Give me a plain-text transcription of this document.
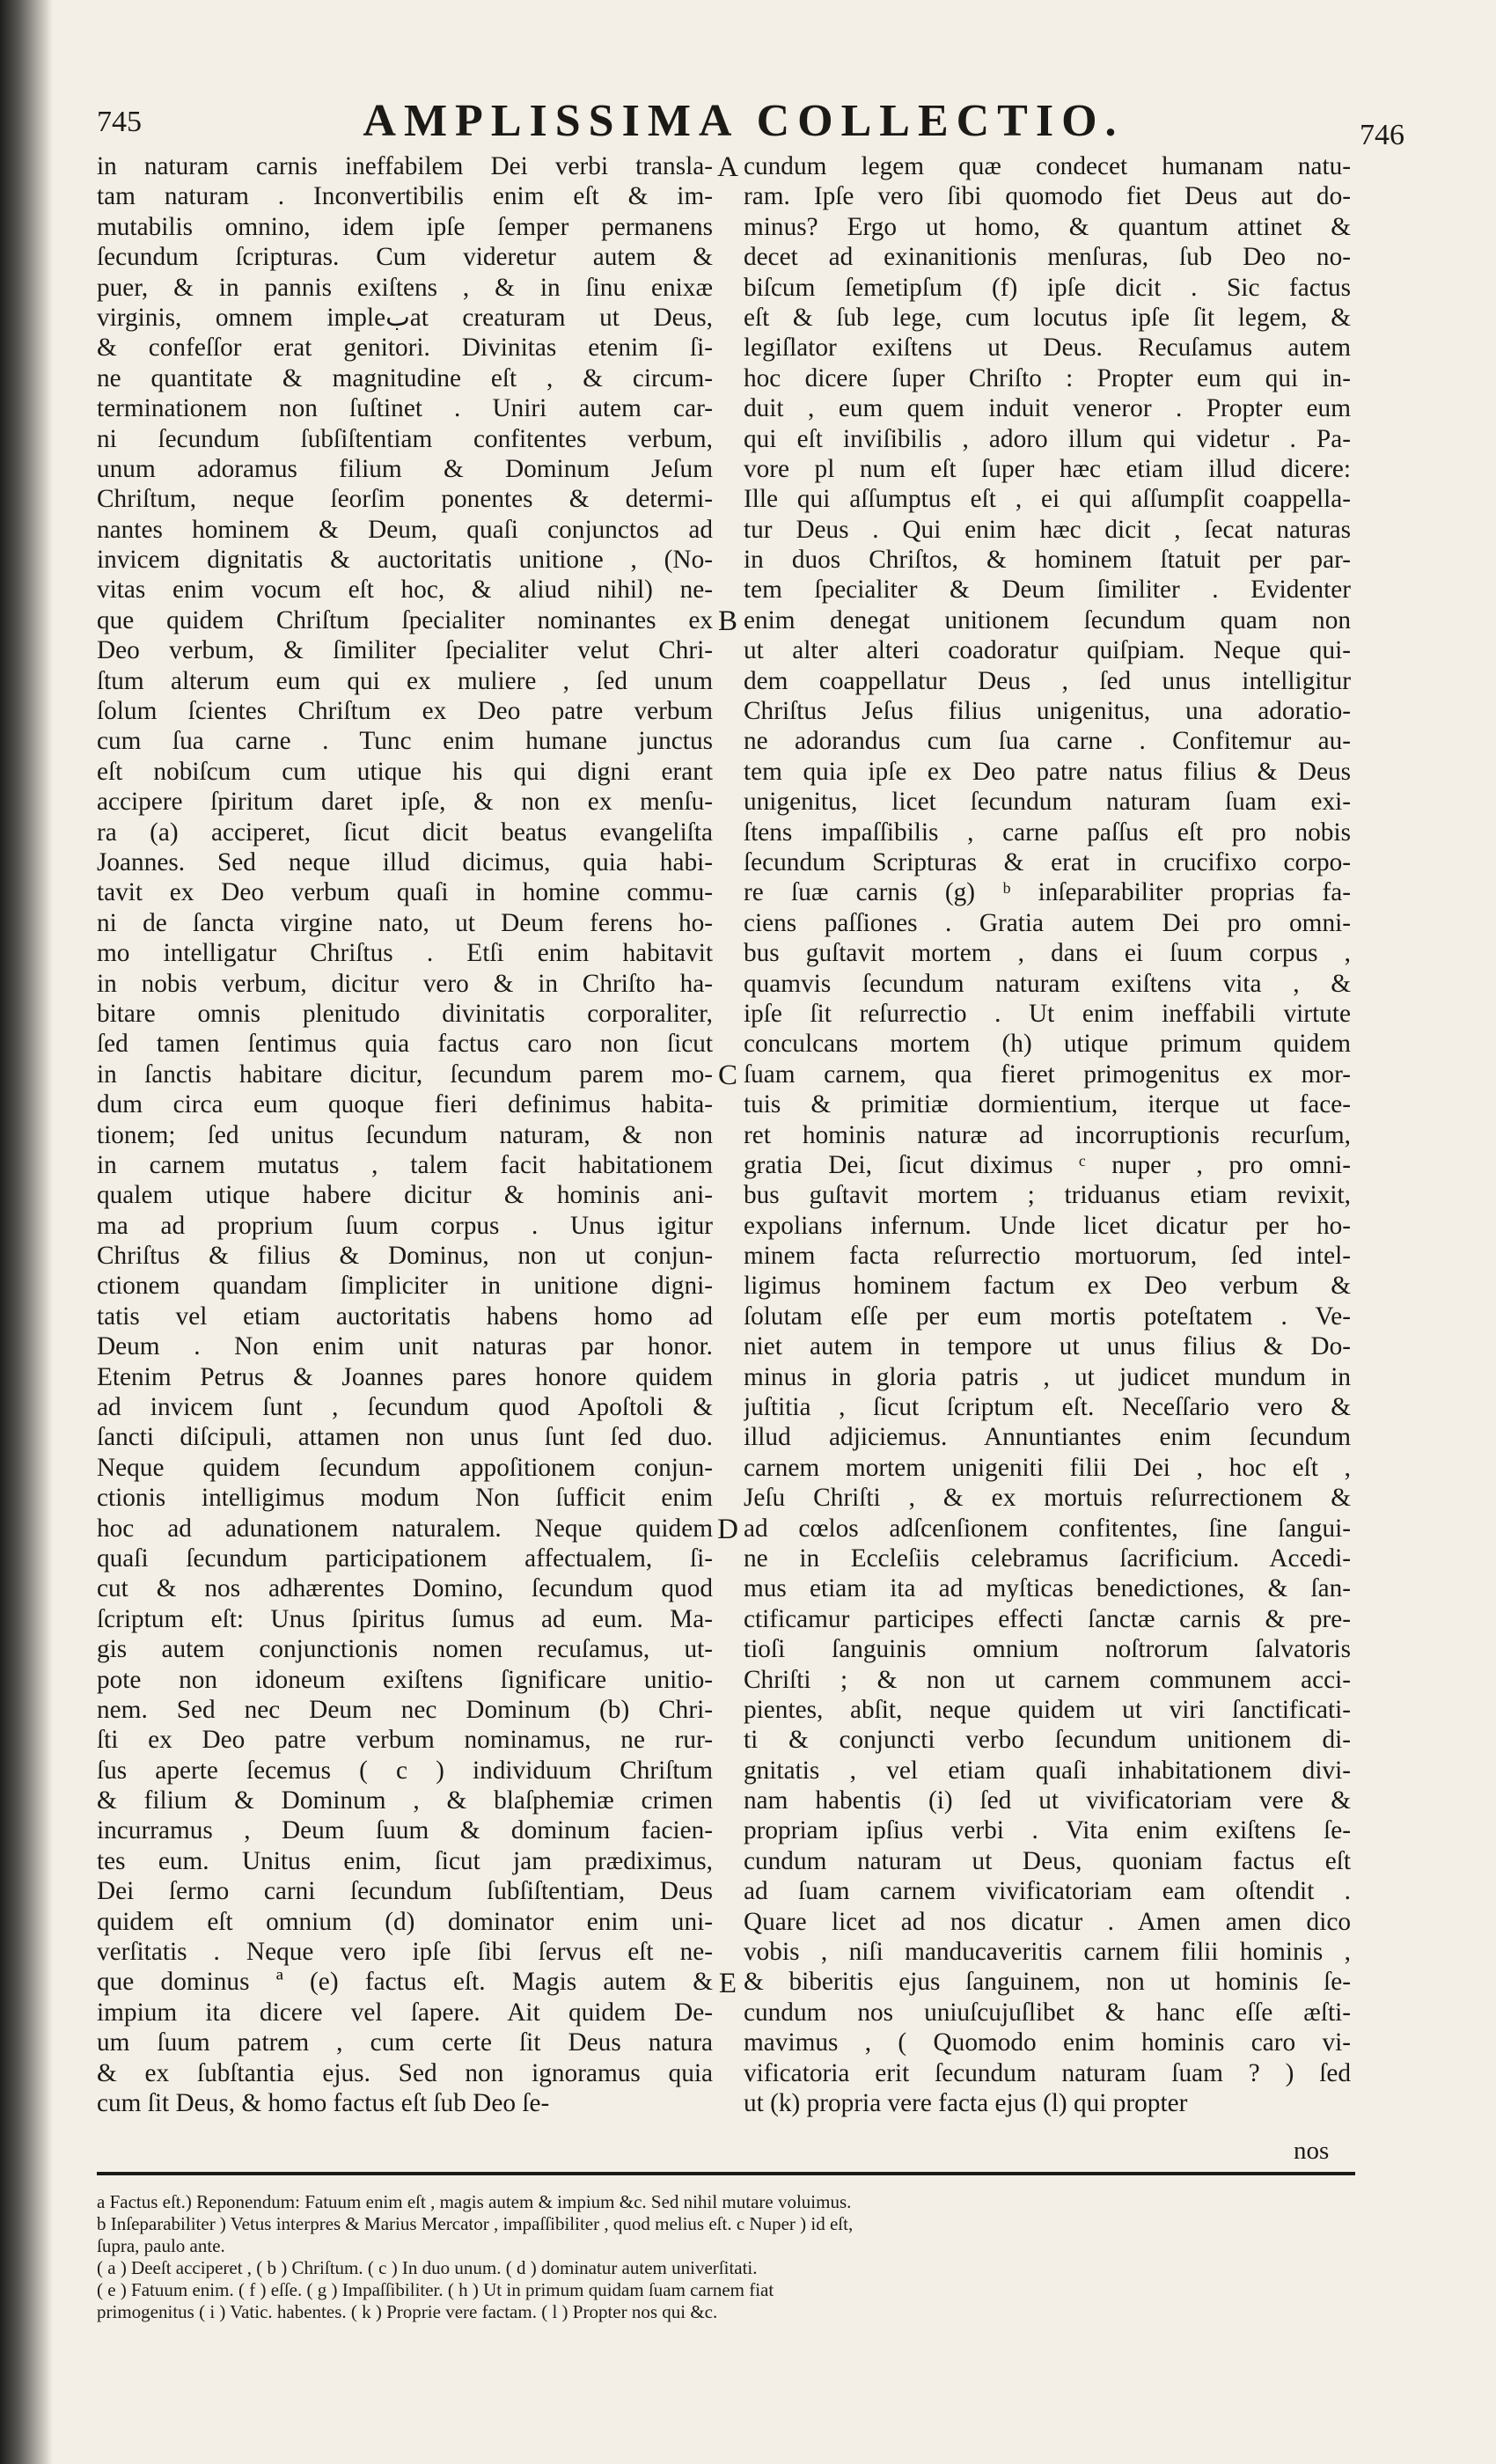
745	AMPLISSIMA COLLECTIO.	746
in naturam carnis ineffabilem Dei verbi transla-
tam naturam . Inconvertibilis enim eſt & im-
mutabilis omnino, idem ipſe ſemper permanens
ſecundum ſcripturas. Cum videretur autem &
puer, & in pannis exiſtens , & in ſinu enixæ
virginis, omnem impleبat creaturam ut Deus,
& confeſſor erat genitori. Divinitas etenim ſi-
ne quantitate & magnitudine eſt , & circum-
terminationem non ſuſtinet . Uniri autem car-
ni ſecundum ſubſiſtentiam confitentes verbum,
unum adoramus filium & Dominum Jeſum
Chriſtum, neque ſeorſim ponentes & determi-
nantes hominem & Deum, quaſi conjunctos ad
invicem dignitatis & auctoritatis unitione , (No-
vitas enim vocum eſt hoc, & aliud nihil) ne-
que quidem Chriſtum ſpecialiter nominantes ex
Deo verbum, & ſimiliter ſpecialiter velut Chri-
ſtum alterum eum qui ex muliere , ſed unum
ſolum ſcientes Chriſtum ex Deo patre verbum
cum ſua carne . Tunc enim humane junctus
eſt nobiſcum cum utique his qui digni erant
accipere ſpiritum daret ipſe, & non ex menſu-
ra (a) acciperet, ſicut dicit beatus evangeliſta
Joannes. Sed neque illud dicimus, quia habi-
tavit ex Deo verbum quaſi in homine commu-
ni de ſancta virgine nato, ut Deum ferens ho-
mo intelligatur Chriſtus . Etſi enim habitavit
in nobis verbum, dicitur vero & in Chriſto ha-
bitare omnis plenitudo divinitatis corporaliter,
ſed tamen ſentimus quia factus caro non ſicut
in ſanctis habitare dicitur, ſecundum parem mo-
dum circa eum quoque fieri definimus habita-
tionem; ſed unitus ſecundum naturam, & non
in carnem mutatus , talem facit habitationem
qualem utique habere dicitur & hominis ani-
ma ad proprium ſuum corpus . Unus igitur
Chriſtus & filius & Dominus, non ut conjun-
ctionem quandam ſimpliciter in unitione digni-
tatis vel etiam auctoritatis habens homo ad
Deum . Non enim unit naturas par honor.
Etenim Petrus & Joannes pares honore quidem
ad invicem ſunt , ſecundum quod Apoſtoli &
ſancti diſcipuli, attamen non unus ſunt ſed duo.
Neque quidem ſecundum appoſitionem conjun-
ctionis intelligimus modum Non ſufficit enim
hoc ad adunationem naturalem. Neque quidem
quaſi ſecundum participationem affectualem, ſi-
cut & nos adhærentes Domino, ſecundum quod
ſcriptum eſt: Unus ſpiritus ſumus ad eum. Ma-
gis autem conjunctionis nomen recuſamus, ut-
pote non idoneum exiſtens ſignificare unitio-
nem. Sed nec Deum nec Dominum (b) Chri-
ſti ex Deo patre verbum nominamus, ne rur-
ſus aperte ſecemus ( c ) individuum Chriſtum
& filium & Dominum , & blaſphemiæ crimen
incurramus , Deum ſuum & dominum facien-
tes eum. Unitus enim, ſicut jam prædiximus,
Dei ſermo carni ſecundum ſubſiſtentiam, Deus
quidem eſt omnium (d) dominator enim uni-
verſitatis . Neque vero ipſe ſibi ſervus eſt ne-
que dominus ª (e) factus eſt. Magis autem &
impium ita dicere vel ſapere. Ait quidem De-
um ſuum patrem , cum certe ſit Deus natura
& ex ſubſtantia ejus. Sed non ignoramus quia
cum ſit Deus, & homo factus eſt ſub Deo ſe-
cundum legem quæ condecet humanam natu-
ram. Ipſe vero ſibi quomodo fiet Deus aut do-
minus? Ergo ut homo, & quantum attinet &
decet ad exinanitionis menſuras, ſub Deo no-
biſcum ſemetipſum (f) ipſe dicit . Sic factus
eſt & ſub lege, cum locutus ipſe ſit legem, &
legiſlator exiſtens ut Deus. Recuſamus autem
hoc dicere ſuper Chriſto : Propter eum qui in-
duit , eum quem induit veneror . Propter eum
qui eſt inviſibilis , adoro illum qui videtur . Pa-
vore pl num eſt ſuper hæc etiam illud dicere:
Ille qui aſſumptus eſt , ei qui aſſumpſit coappella-
tur Deus . Qui enim hæc dicit , ſecat naturas
in duos Chriſtos, & hominem ſtatuit per par-
tem ſpecialiter & Deum ſimiliter . Evidenter
enim denegat unitionem ſecundum quam non
ut alter alteri coadoratur quiſpiam. Neque qui-
dem coappellatur Deus , ſed unus intelligitur
Chriſtus Jeſus filius unigenitus, una adoratio-
ne adorandus cum ſua carne . Confitemur au-
tem quia ipſe ex Deo patre natus filius & Deus
unigenitus, licet ſecundum naturam ſuam exi-
ſtens impaſſibilis , carne paſſus eſt pro nobis
ſecundum Scripturas & erat in crucifixo corpo-
re ſuæ carnis (g) ᵇ inſeparabiliter proprias fa-
ciens paſſiones . Gratia autem Dei pro omni-
bus guſtavit mortem , dans ei ſuum corpus ,
quamvis ſecundum naturam exiſtens vita , &
ipſe ſit reſurrectio . Ut enim ineffabili virtute
conculcans mortem (h) utique primum quidem
ſuam carnem, qua fieret primogenitus ex mor-
tuis & primitiæ dormientium, iterque ut face-
ret hominis naturæ ad incorruptionis recurſum,
gratia Dei, ſicut diximus ᶜ nuper , pro omni-
bus guſtavit mortem ; triduanus etiam revixit,
expolians infernum. Unde licet dicatur per ho-
minem facta reſurrectio mortuorum, ſed intel-
ligimus hominem factum ex Deo verbum &
ſolutam eſſe per eum mortis poteſtatem . Ve-
niet autem in tempore ut unus filius & Do-
minus in gloria patris , ut judicet mundum in
juſtitia , ſicut ſcriptum eſt. Neceſſario vero &
illud adjiciemus. Annuntiantes enim ſecundum
carnem mortem unigeniti filii Dei , hoc eſt ,
Jeſu Chriſti , & ex mortuis reſurrectionem &
ad cœlos adſcenſionem confitentes, ſine ſangui-
ne in Eccleſiis celebramus ſacrificium. Accedi-
mus etiam ita ad myſticas benedictiones, & ſan-
ctificamur participes effecti ſanctæ carnis & pre-
tioſi ſanguinis omnium noſtrorum ſalvatoris
Chriſti ; & non ut carnem communem acci-
pientes, abſit, neque quidem ut viri ſanctificati-
ti & conjuncti verbo ſecundum unitionem di-
gnitatis , vel etiam quaſi inhabitationem divi-
nam habentis (i) ſed ut vivificatoriam vere &
propriam ipſius verbi . Vita enim exiſtens ſe-
cundum naturam ut Deus, quoniam factus eſt
ad ſuam carnem vivificatoriam eam oſtendit .
Quare licet ad nos dicatur . Amen amen dico
vobis , niſi manducaveritis carnem filii hominis ,
& biberitis ejus ſanguinem, non ut hominis ſe-
cundum nos uniuſcujuſlibet & hanc eſſe æſti-
mavimus , ( Quomodo enim hominis caro vi-
vificatoria erit ſecundum naturam ſuam ? ) ſed
ut (k) propria vere facta ejus (l) qui propter
A
B
C
D
E
nos
a Factus eſt.) Reponendum: Fatuum enim eſt , magis autem & impium &c. Sed nihil mutare voluimus.
b Inſeparabiliter ) Vetus interpres & Marius Mercator , impaſſibiliter , quod melius eſt. c Nuper ) id eſt,
ſupra, paulo ante.
( a ) Deeſt acciperet , ( b ) Chriſtum. ( c ) In duo unum. ( d ) dominatur autem univerſitati.
( e ) Fatuum enim. ( f ) eſſe. ( g ) Impaſſibiliter. ( h ) Ut in primum quidam ſuam carnem fiat
primogenitus ( i ) Vatic. habentes. ( k ) Proprie vere factam. ( l ) Propter nos qui &c.
